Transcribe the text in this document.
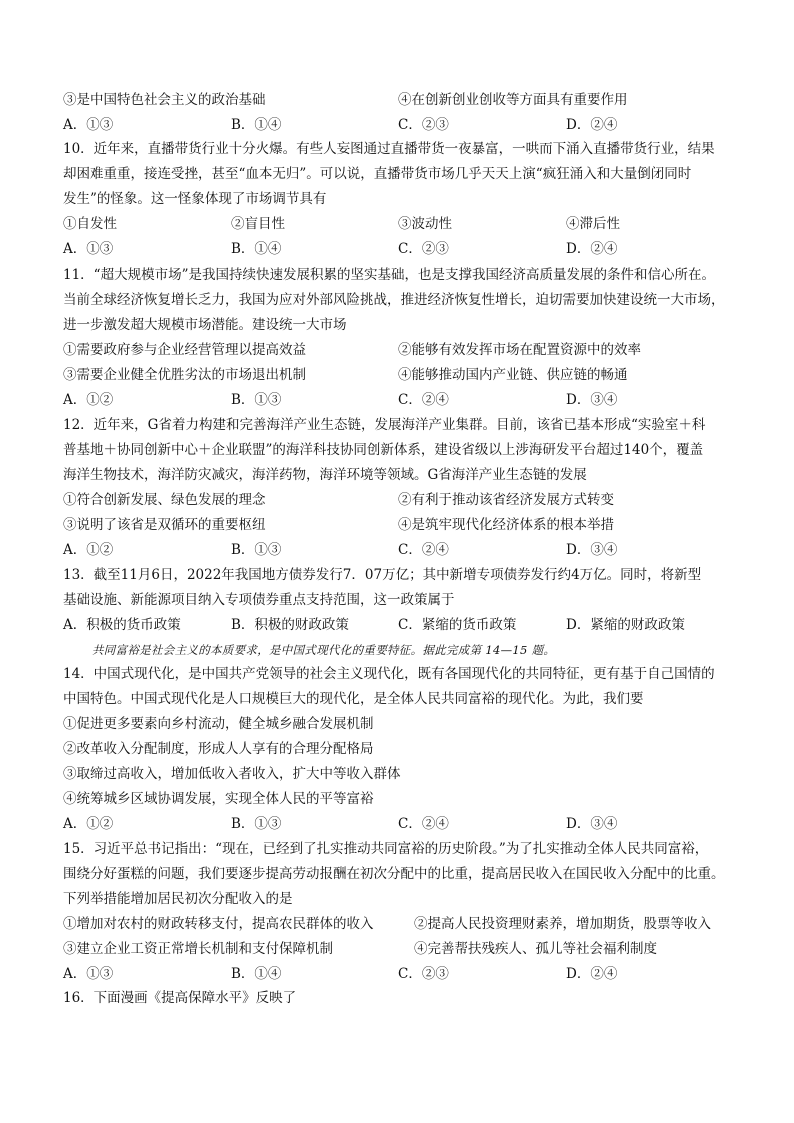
③是中国特色社会主义的政治基础	④在创新创业创收等方面具有重要作用
A．①③	B．①④	C．②③	D．②④
10．近年来，直播带货行业十分火爆。有些人妄图通过直播带货一夜暴富，一哄而下涌入直播带货行业，结果
却困难重重，接连受挫，甚至“血本无归”。可以说，直播带货市场几乎天天上演“疯狂涌入和大量倒闭同时
发生”的怪象。这一怪象体现了市场调节具有
①自发性	②盲目性	③波动性	④滞后性
A．①③	B．①④	C．②③	D．②④
11．“超大规模市场”是我国持续快速发展积累的坚实基础，也是支撑我国经济高质量发展的条件和信心所在。
当前全球经济恢复增长乏力，我国为应对外部风险挑战，推进经济恢复性增长，迫切需要加快建设统一大市场，
进一步激发超大规模市场潜能。建设统一大市场
①需要政府参与企业经营管理以提高效益	②能够有效发挥市场在配置资源中的效率
③需要企业健全优胜劣汰的市场退出机制	④能够推动国内产业链、供应链的畅通
A．①②	B．①③	C．②④	D．③④
12．近年来，G省着力构建和完善海洋产业生态链，发展海洋产业集群。目前，该省已基本形成“实验室＋科
普基地＋协同创新中心＋企业联盟”的海洋科技协同创新体系，建设省级以上涉海研发平台超过140个，覆盖
海洋生物技术，海洋防灾减灾，海洋药物，海洋环境等领域。G省海洋产业生态链的发展
①符合创新发展、绿色发展的理念	②有利于推动该省经济发展方式转变
③说明了该省是双循环的重要枢纽	④是筑牢现代化经济体系的根本举措
A．①②	B．①③	C．②④	D．③④
13．截至11月6日，2022年我国地方债券发行7．07万亿；其中新增专项债券发行约4万亿。同时，将新型
基础设施、新能源项目纳入专项债券重点支持范围，这一政策属于
A．积极的货币政策	B．积极的财政政策	C．紧缩的货币政策	D．紧缩的财政政策
共同富裕是社会主义的本质要求，是中国式现代化的重要特征。据此完成第 14—15 题。
14．中国式现代化，是中国共产党领导的社会主义现代化，既有各国现代化的共同特征，更有基于自己国情的
中国特色。中国式现代化是人口规模巨大的现代化，是全体人民共同富裕的现代化。为此，我们要
①促进更多要素向乡村流动，健全城乡融合发展机制
②改革收入分配制度，形成人人享有的合理分配格局
③取缔过高收入，增加低收入者收入，扩大中等收入群体
④统筹城乡区域协调发展，实现全体人民的平等富裕
A．①②	B．①③	C．②④	D．③④
15．习近平总书记指出：“现在，已经到了扎实推动共同富裕的历史阶段。”为了扎实推动全体人民共同富裕，
围绕分好蛋糕的问题，我们要逐步提高劳动报酬在初次分配中的比重，提高居民收入在国民收入分配中的比重。
下列举措能增加居民初次分配收入的是
①增加对农村的财政转移支付，提高农民群体的收入	②提高人民投资理财素养，增加期货，股票等收入
③建立企业工资正常增长机制和支付保障机制	④完善帮扶残疾人、孤儿等社会福利制度
A．①③	B．①④	C．②③	D．②④
16．下面漫画《提高保障水平》反映了
